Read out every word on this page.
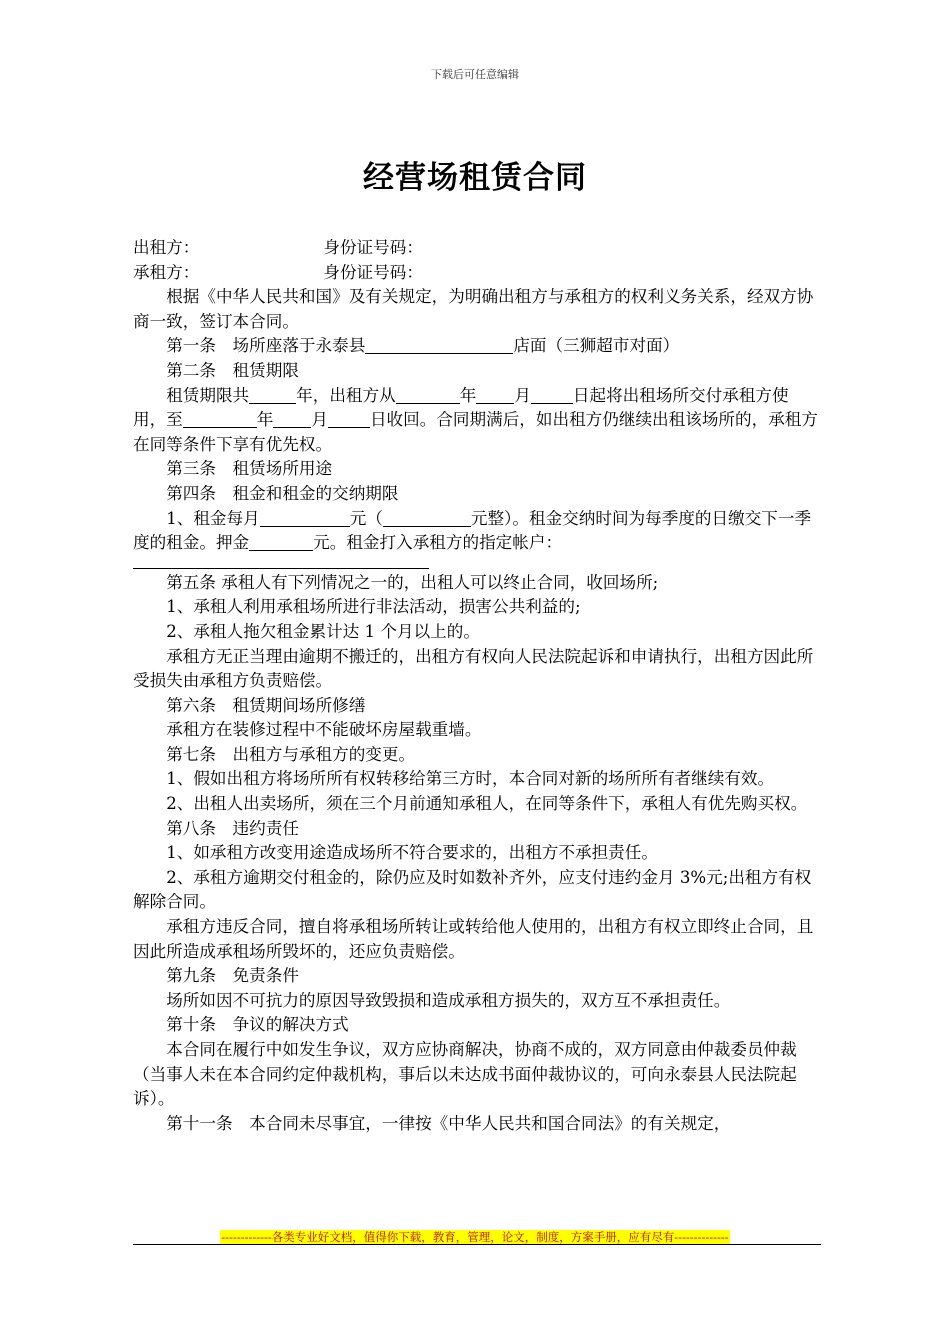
下载后可任意编辑
经营场租赁合同

出租方：	身份证号码：

承租方：	身份证号码：

根据《中华人民共和国》及有关规定，为明确出租方与承租方的权利义务关系，经双方协商一致，签订本合同。

第一条　场所座落于永泰县	店面（三狮超市对面）

第二条　租赁期限

租赁期限共	年，出租方从	年 月	日起将出租场所交付承租方使用，至	年 月	日收回。合同期满后，如出租方仍继续出租该场所的，承租方在同等条件下享有优先权。

第三条　租赁场所用途

第四条　租金和租金的交纳期限

1、租金每月	元（	元整）。租金交纳时间为每季度的日缴交下一季度的租金。押金	元。租金打入承租方的指定帐户：

第五条 承租人有下列情况之一的，出租人可以终止合同，收回场所;

1、承租人利用承租场所进行非法活动，损害公共利益的;

2、承租人拖欠租金累计达 1 个月以上的。

承租方无正当理由逾期不搬迁的，出租方有权向人民法院起诉和申请执行，出租方因此所受损失由承租方负责赔偿。

第六条　租赁期间场所修缮

承租方在装修过程中不能破坏房屋载重墙。

第七条　出租方与承租方的变更。

1、假如出租方将场所所有权转移给第三方时，本合同对新的场所所有者继续有效。

2、出租人出卖场所，须在三个月前通知承租人，在同等条件下，承租人有优先购买权。

第八条　违约责任

1、如承租方改变用途造成场所不符合要求的，出租方不承担责任。

2、承租方逾期交付租金的，除仍应及时如数补齐外，应支付违约金月 3%元;出租方有权解除合同。

承租方违反合同，擅自将承租场所转让或转给他人使用的，出租方有权立即终止合同，且因此所造成承租场所毁坏的，还应负责赔偿。

第九条　免责条件

场所如因不可抗力的原因导致毁损和造成承租方损失的，双方互不承担责任。

第十条　争议的解决方式

本合同在履行中如发生争议，双方应协商解决，协商不成的，双方同意由仲裁委员仲裁（当事人未在本合同约定仲裁机构，事后以未达成书面仲裁协议的，可向永泰县人民法院起诉）。

第十一条　本合同未尽事宜，一律按《中华人民共和国合同法》的有关规定，

-------------各类专业好文档，值得你下载，教育，管理，论文，制度，方案手册，应有尽有--------------
